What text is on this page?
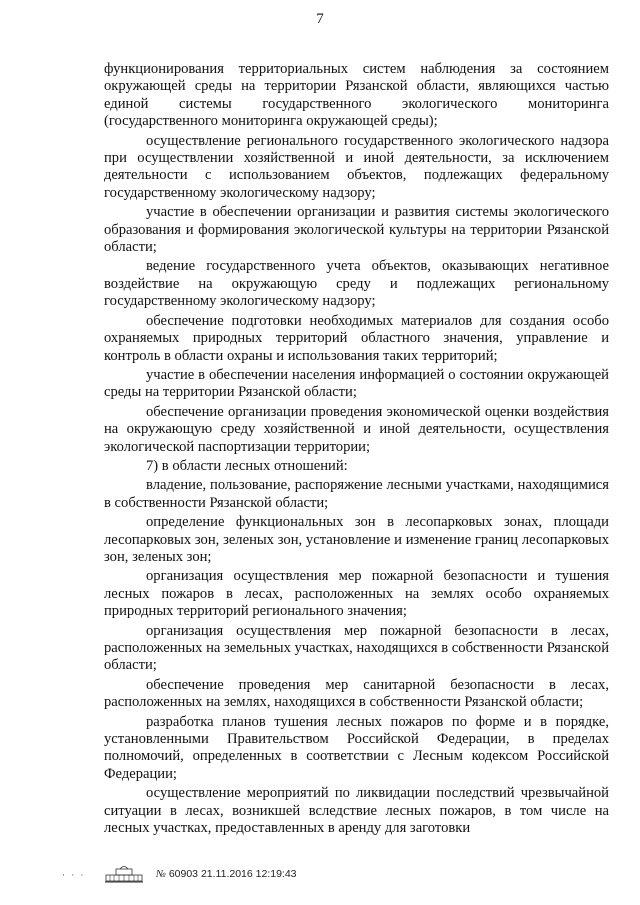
7

функционирования территориальных систем наблюдения за состоянием окружающей среды на территории Рязанской области, являющихся частью единой системы государственного экологического мониторинга (государственного мониторинга окружающей среды);

осуществление регионального государственного экологического надзора при осуществлении хозяйственной и иной деятельности, за исключением деятельности с использованием объектов, подлежащих федеральному государственному экологическому надзору;

участие в обеспечении организации и развития системы экологического образования и формирования экологической культуры на территории Рязанской области;

ведение государственного учета объектов, оказывающих негативное воздействие на окружающую среду и подлежащих региональному государственному экологическому надзору;

обеспечение подготовки необходимых материалов для создания особо охраняемых природных территорий областного значения, управление и контроль в области охраны и использования таких территорий;

участие в обеспечении населения информацией о состоянии окружающей среды на территории Рязанской области;

обеспечение организации проведения экономической оценки воздействия на окружающую среду хозяйственной и иной деятельности, осуществления экологической паспортизации территории;

7) в области лесных отношений:

владение, пользование, распоряжение лесными участками, находящимися в собственности Рязанской области;

определение функциональных зон в лесопарковых зонах, площади лесопарковых зон, зеленых зон, установление и изменение границ лесопарковых зон, зеленых зон;

организация осуществления мер пожарной безопасности и тушения лесных пожаров в лесах, расположенных на землях особо охраняемых природных территорий регионального значения;

организация осуществления мер пожарной безопасности в лесах, расположенных на земельных участках, находящихся в собственности Рязанской области;

обеспечение проведения мер санитарной безопасности в лесах, расположенных на землях, находящихся в собственности Рязанской области;

разработка планов тушения лесных пожаров по форме и в порядке, установленными Правительством Российской Федерации, в пределах полномочий, определенных в соответствии с Лесным кодексом Российской Федерации;

осуществление мероприятий по ликвидации последствий чрезвычайной ситуации в лесах, возникшей вследствие лесных пожаров, в том числе на лесных участках, предоставленных в аренду для заготовки

· · ·	№ 60903 21.11.2016 12:19:43
